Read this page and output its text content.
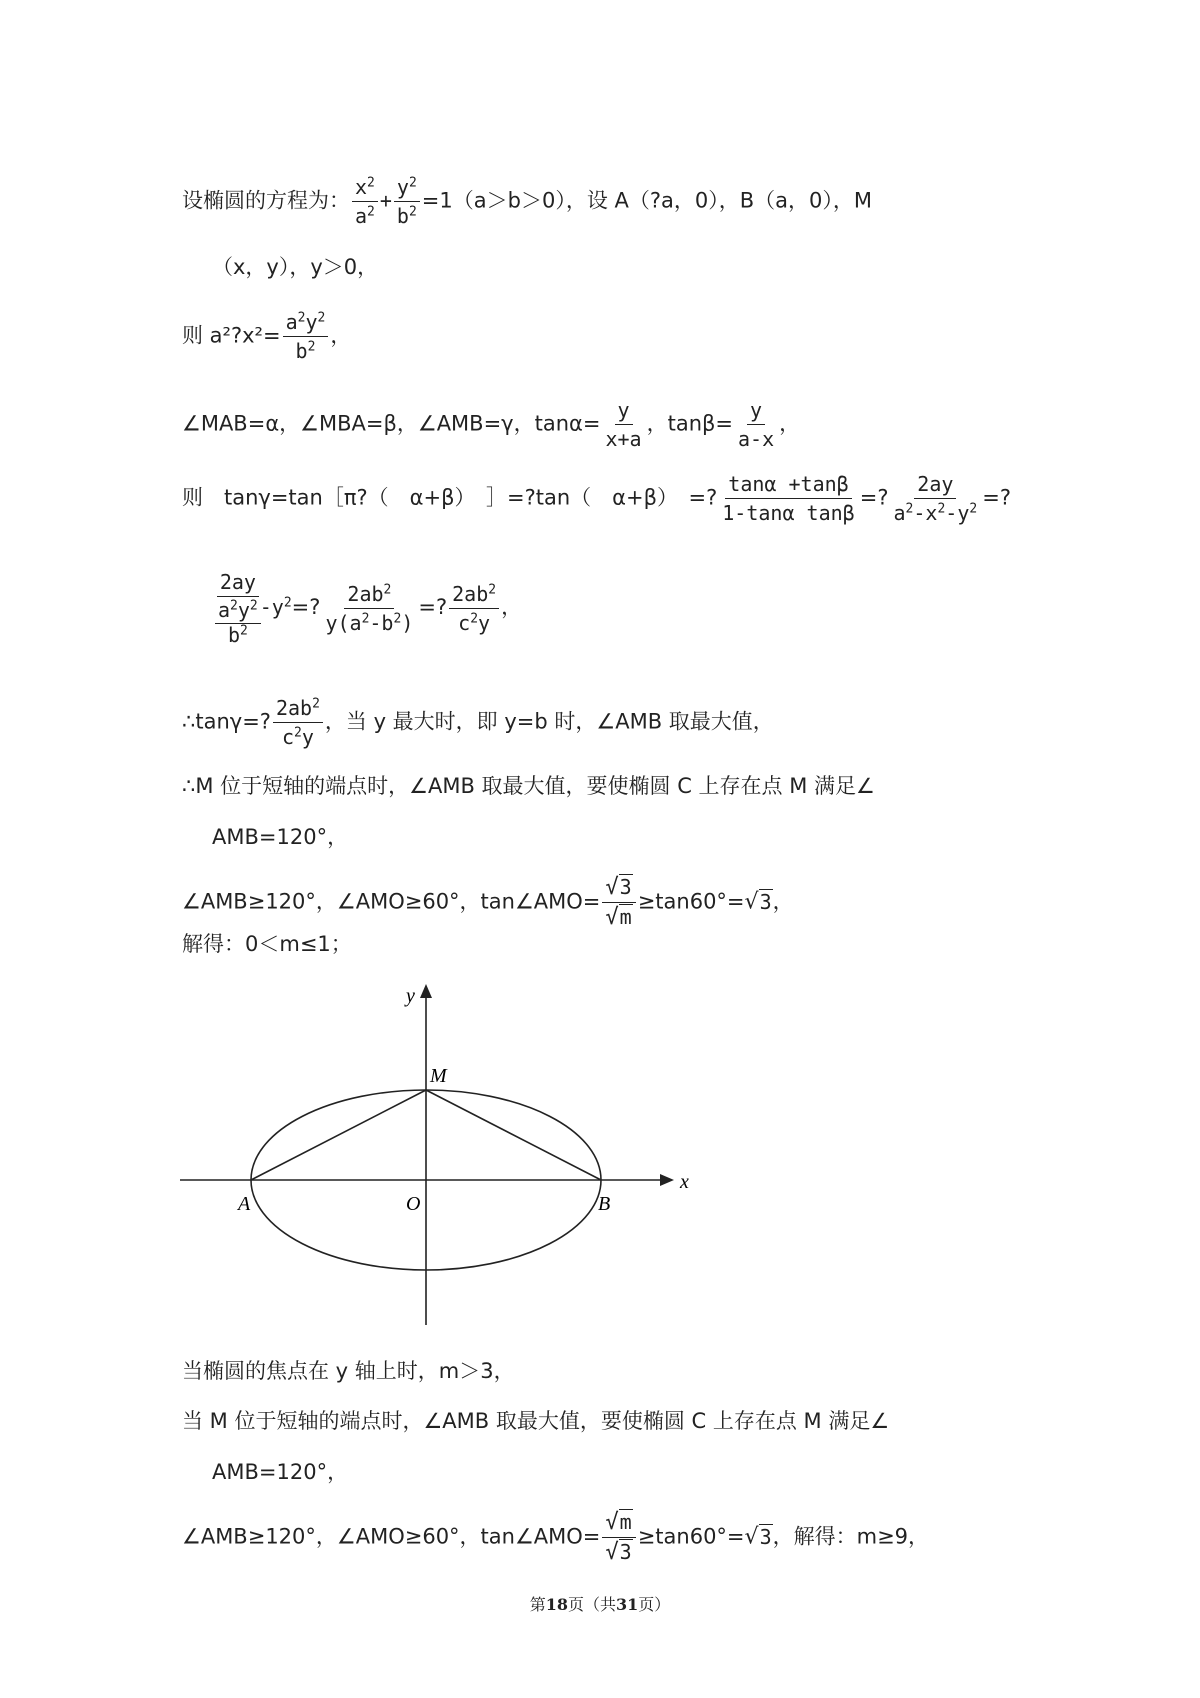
设椭圆的方程为： $\frac{x^2}{a^2} + \frac{y^2}{b^2} =1(a>b>0)$，设 A（?a，0），B（a，0），M
（x，y），y＞0，
则 a²?x²= $\frac{a^2y^2}{b^2}$ ，
∠MAB=α，∠MBA=β，∠AMB=γ，$\tan\alpha= \frac{y}{x+a}$ ，$\tan\beta= \frac{y}{a-x}$ ，
则　tanγ=tan［π?（　α+β）　］=?tan（　α+β）　=? $\frac{\tan\alpha +\tan\beta}{\text{1-tanα tanβ}}$ =? $\frac{2ay}{a^2-x^2-y^2}$ =?
2ay
$a^2y^2$
$b^2$
$-y^2=$? $\frac{2ab^2}{y(a^2-b^2)}$ =? $\frac{2ab^2}{c^2y}$ ，
∴tanγ=? $\frac{2ab^2}{c^2y}$ ，当 y 最大时，即 y=b 时，∠AMB 取最大值，
∴M 位于短轴的端点时，∠AMB 取最大值，要使椭圆 C 上存在点 M 满足∠
AMB=120°，
∠AMB≥120°，∠AMO≥60°，tan∠AMO= $\frac{√3}{√m} \ge\tan 60^\circ=√3$，
解得：0＜m≤1；
y
x
M
A	O	B
当椭圆的焦点在 y 轴上时，m＞3，
当 M 位于短轴的端点时，∠AMB 取最大值，要使椭圆 C 上存在点 M 满足∠
AMB=120°，
∠AMB≥120°，∠AMO≥60°，tan∠AMO= $\frac{√m}{√3} \ge\tan 60^\circ=√3$，解得：m≥9，
第18页（共31页）
